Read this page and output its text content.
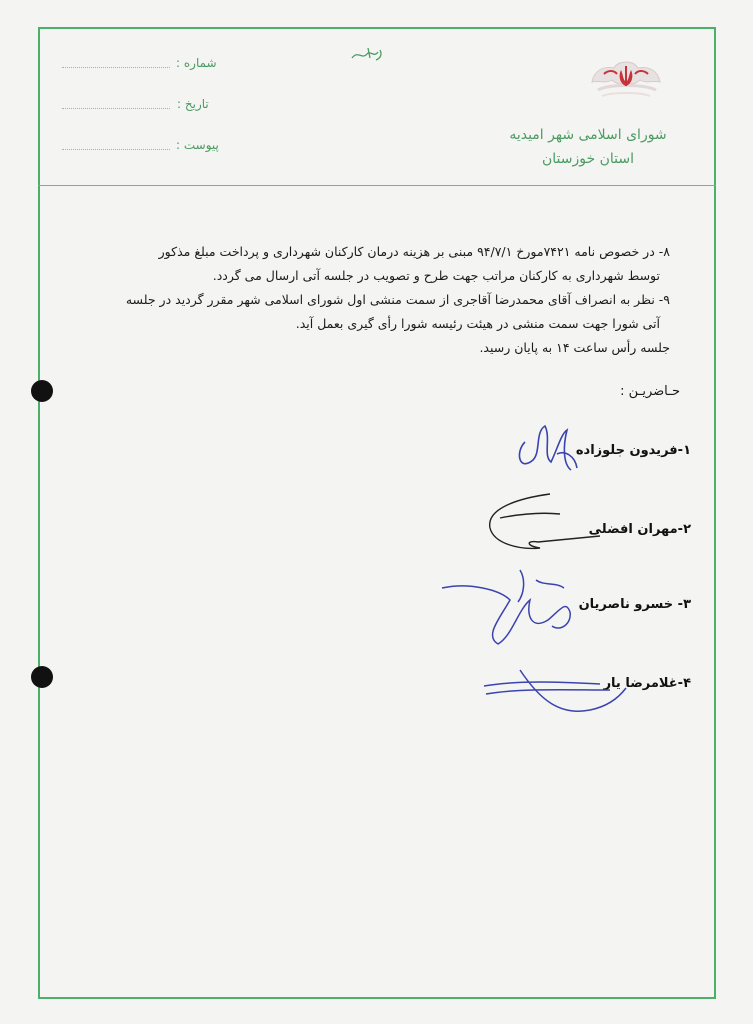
شماره :
تاریخ :
پیوست :
شورای اسلامی شهر امیدیه
استان خوزستان

۸- در خصوص نامه ۷۴۲۱مورخ ۹۴/۷/۱ مبنی بر هزینه درمان کارکنان شهرداری و پرداخت مبلغ مذکور

توسط شهرداری به کارکنان مراتب جهت طرح و تصویب در جلسه آتی ارسال می گردد.

۹- نظر به انصراف آقای محمدرضا آقاجری از سمت منشی اول شورای اسلامی شهر مقرر گردید در جلسه

آتی شورا جهت سمت منشی در هیئت رئیسه شورا رأی گیری بعمل آید.

جلسه رأس ساعت ۱۴ به پایان رسید.

حـاضریـن :
۱-فریدون جلوزاده
۲-مهران افضلی
۳- خسرو ناصریان
۴-غلامرضا یار
